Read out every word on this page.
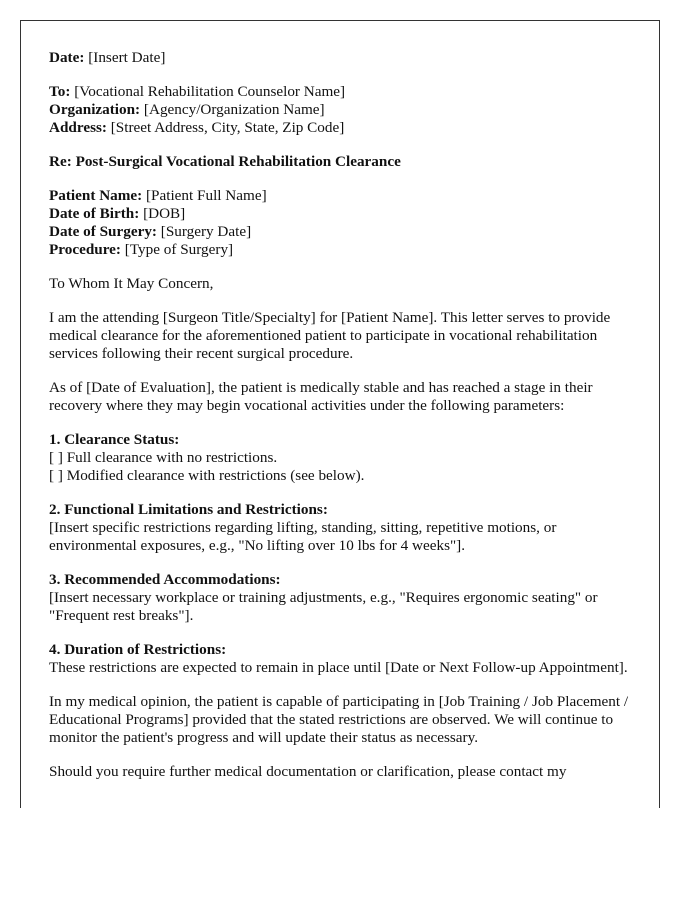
Date: [Insert Date]

To: [Vocational Rehabilitation Counselor Name]
Organization: [Agency/Organization Name]
Address: [Street Address, City, State, Zip Code]

Re: Post-Surgical Vocational Rehabilitation Clearance

Patient Name: [Patient Full Name]
Date of Birth: [DOB]
Date of Surgery: [Surgery Date]
Procedure: [Type of Surgery]

To Whom It May Concern,

I am the attending [Surgeon Title/Specialty] for [Patient Name]. This letter serves to provide medical clearance for the aforementioned patient to participate in vocational rehabilitation services following their recent surgical procedure.

As of [Date of Evaluation], the patient is medically stable and has reached a stage in their recovery where they may begin vocational activities under the following parameters:

1. Clearance Status:
[ ] Full clearance with no restrictions.
[ ] Modified clearance with restrictions (see below).

2. Functional Limitations and Restrictions:
[Insert specific restrictions regarding lifting, standing, sitting, repetitive motions, or environmental exposures, e.g., "No lifting over 10 lbs for 4 weeks"].

3. Recommended Accommodations:
[Insert necessary workplace or training adjustments, e.g., "Requires ergonomic seating" or "Frequent rest breaks"].

4. Duration of Restrictions:
These restrictions are expected to remain in place until [Date or Next Follow-up Appointment].

In my medical opinion, the patient is capable of participating in [Job Training / Job Placement / Educational Programs] provided that the stated restrictions are observed. We will continue to monitor the patient's progress and will update their status as necessary.

Should you require further medical documentation or clarification, please contact my
